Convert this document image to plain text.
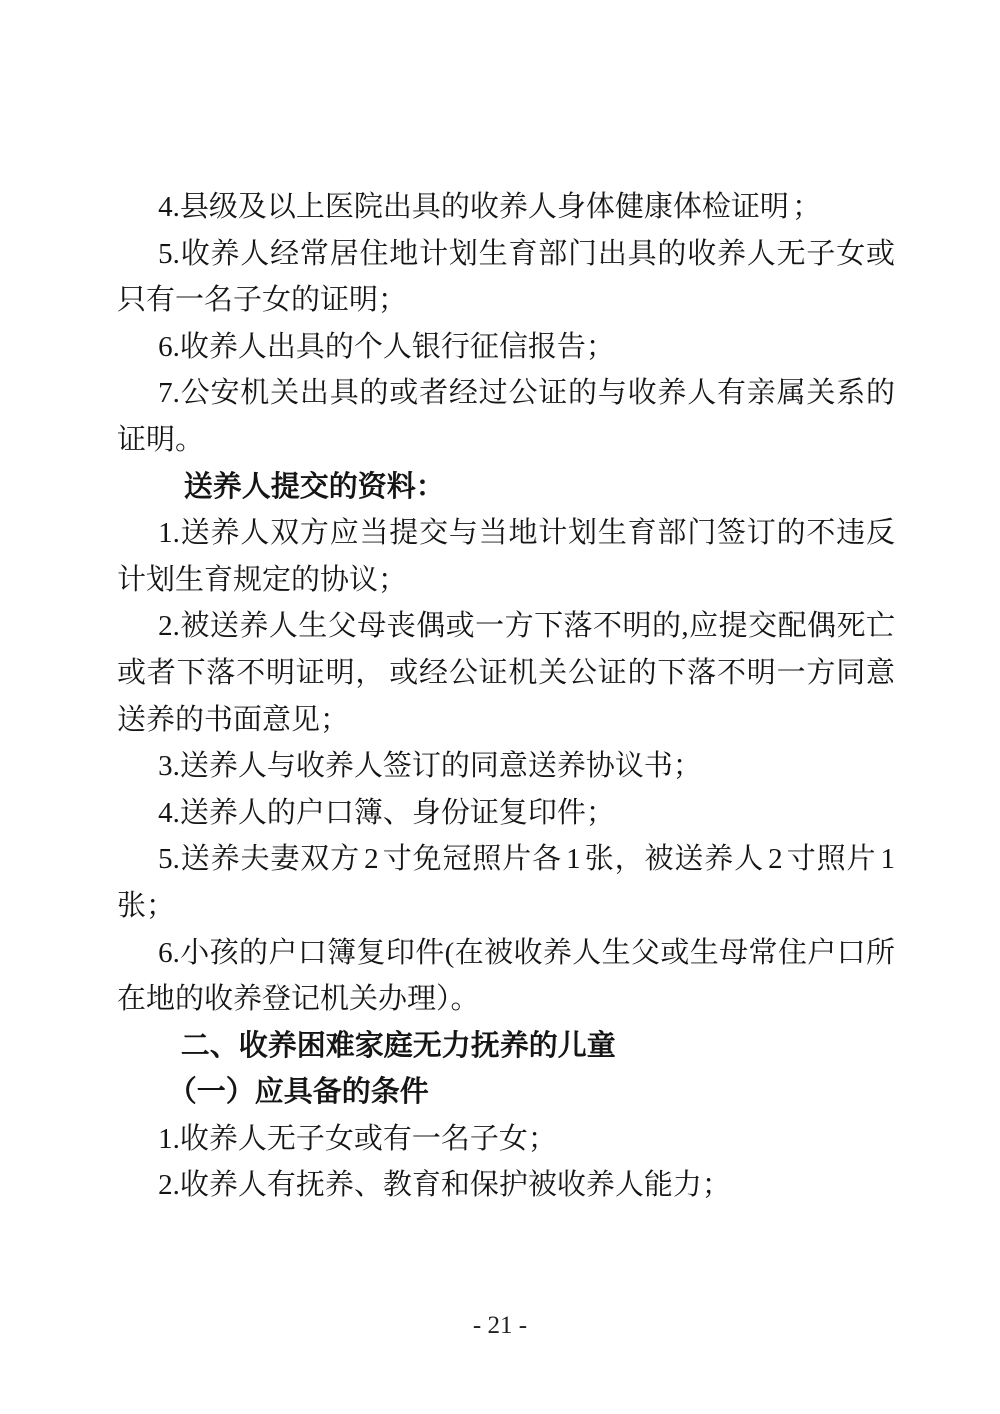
4.县级及以上医院出具的收养人身体健康体检证明 ；

5.收养人经常居住地计划生育部门出具的收养人无子女或只有一名子女的证明；

6.收养人出具的个人银行征信报告；

7.公安机关出具的或者经过公证的与收养人有亲属关系的证明。

送养人提交的资料：

1.送养人双方应当提交与当地计划生育部门签订的不违反计划生育规定的协议；

2.被送养人生父母丧偶或一方下落不明的,应提交配偶死亡或者下落不明证明， 或经公证机关公证的下落不明一方同意送养的书面意见；

3.送养人与收养人签订的同意送养协议书；

4.送养人的户口簿、身份证复印件；

5.送养夫妻双方 2 寸免冠照片各 1 张，被送养人 2 寸照片 1 张；

6.小孩的户口簿复印件(在被收养人生父或生母常住户口所在地的收养登记机关办理）。

二、收养困难家庭无力抚养的儿童

（一）应具备的条件

1.收养人无子女或有一名子女；

2.收养人有抚养、教育和保护被收养人能力；

- 21 -
